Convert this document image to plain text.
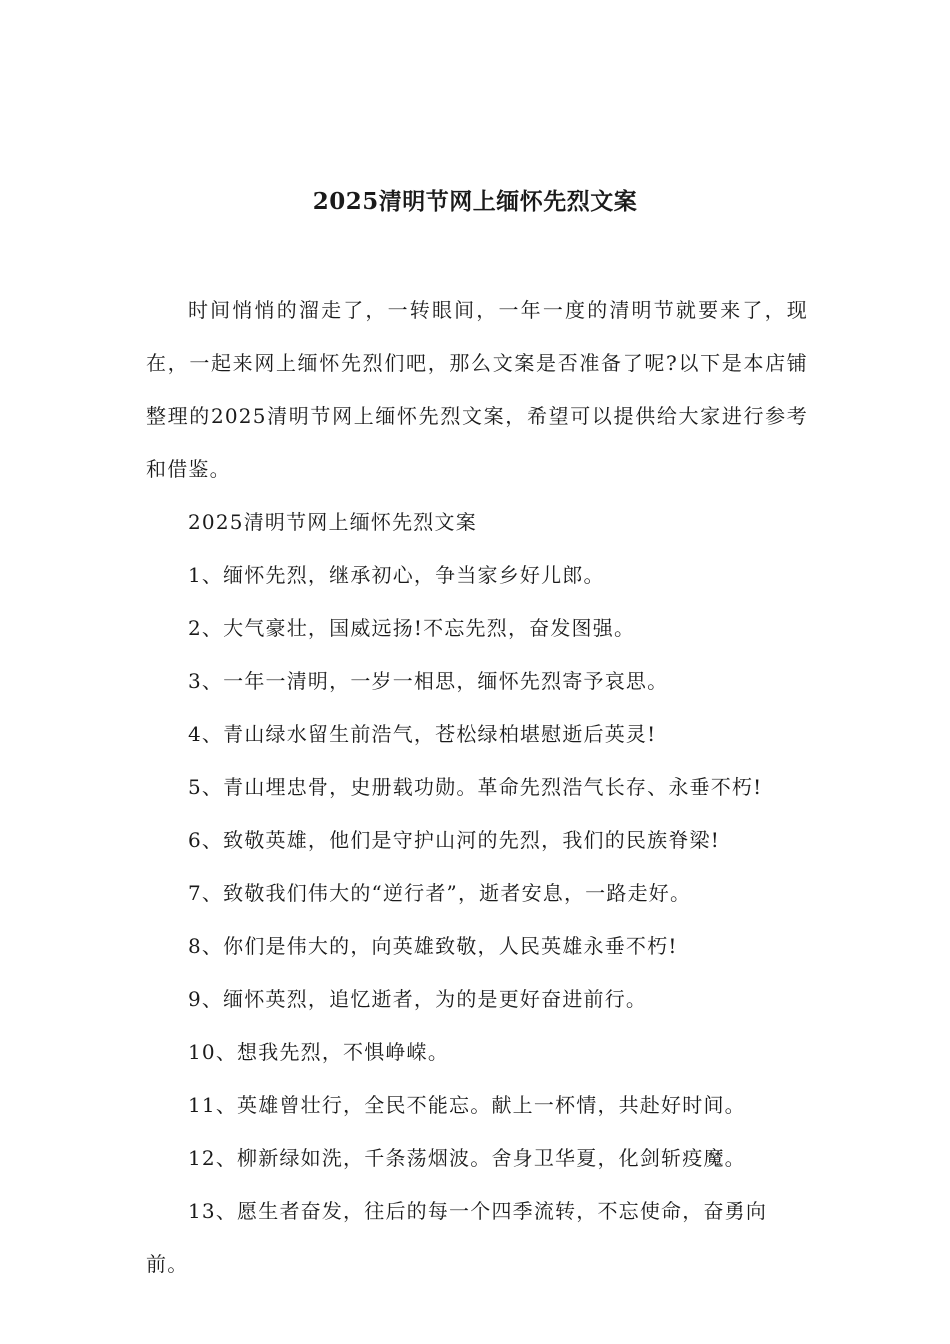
2025清明节网上缅怀先烈文案

时间悄悄的溜走了，一转眼间，一年一度的清明节就要来了，现在，一起来网上缅怀先烈们吧，那么文案是否准备了呢?以下是本店铺整理的2025清明节网上缅怀先烈文案，希望可以提供给大家进行参考和借鉴。

2025清明节网上缅怀先烈文案

1、缅怀先烈，继承初心，争当家乡好儿郎。

2、大气豪壮，国威远扬!不忘先烈，奋发图强。

3、一年一清明，一岁一相思，缅怀先烈寄予哀思。

4、青山绿水留生前浩气，苍松绿柏堪慰逝后英灵!

5、青山埋忠骨，史册载功勋。革命先烈浩气长存、永垂不朽!

6、致敬英雄，他们是守护山河的先烈，我们的民族脊梁!

7、致敬我们伟大的“逆行者”，逝者安息，一路走好。

8、你们是伟大的，向英雄致敬，人民英雄永垂不朽!

9、缅怀英烈，追忆逝者，为的是更好奋进前行。

10、想我先烈，不惧峥嵘。

11、英雄曾壮行，全民不能忘。献上一杯情，共赴好时间。

12、柳新绿如洗，千条荡烟波。舍身卫华夏，化剑斩疫魔。

13、愿生者奋发，往后的每一个四季流转，不忘使命，奋勇向前。
